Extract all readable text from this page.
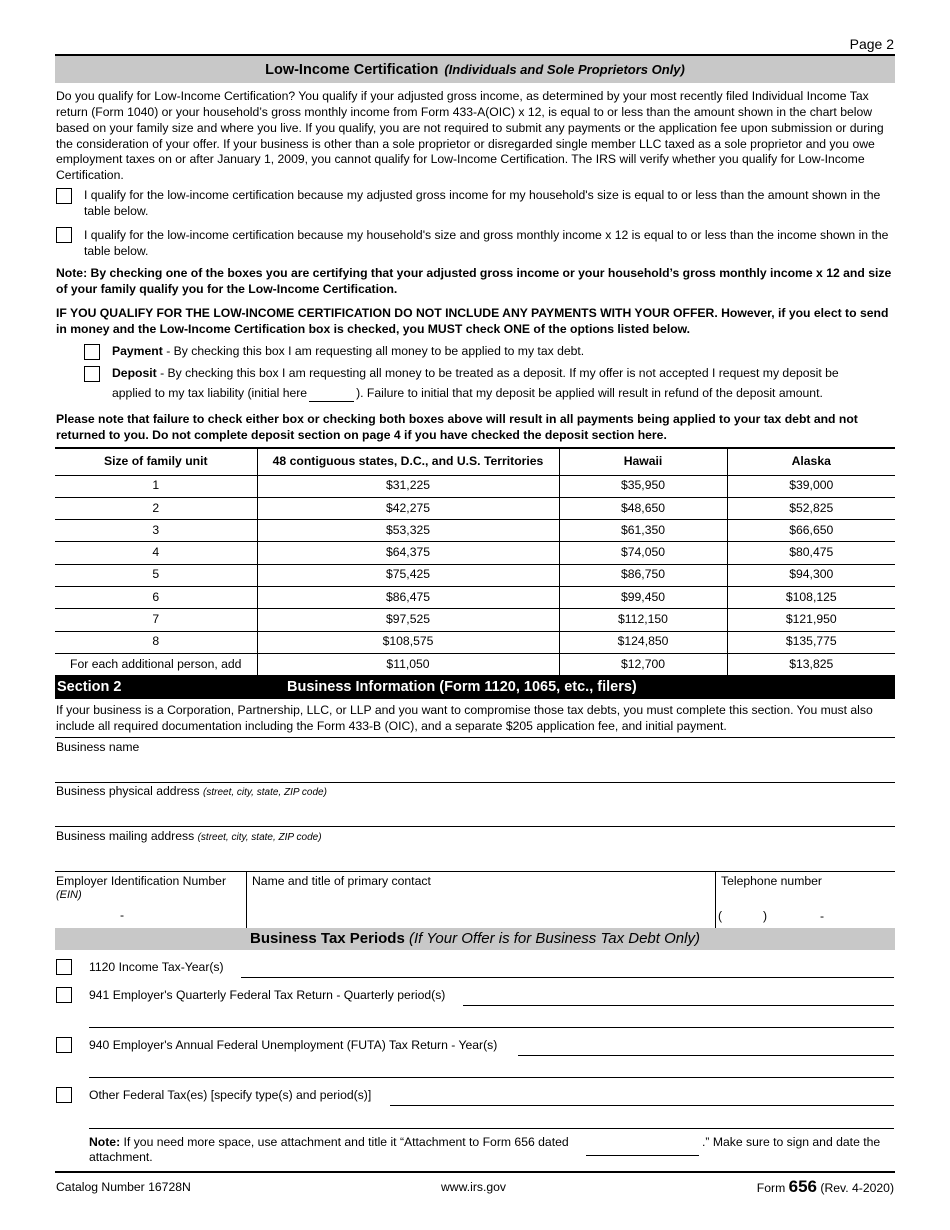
Page 2
Low-Income Certification (Individuals and Sole Proprietors Only)
Do you qualify for Low-Income Certification? You qualify if your adjusted gross income, as determined by your most recently filed Individual Income Tax return (Form 1040) or your household’s gross monthly income from Form 433-A(OIC) x 12, is equal to or less than the amount shown in the chart below based on your family size and where you live. If you qualify, you are not required to submit any payments or the application fee upon submission or during the consideration of your offer. If your business is other than a sole proprietor or disregarded single member LLC taxed as a sole proprietor and you owe employment taxes on or after January 1, 2009, you cannot qualify for Low-Income Certification. The IRS will verify whether you qualify for Low-Income Certification.
I qualify for the low-income certification because my adjusted gross income for my household's size is equal to or less than the amount shown in the table below.
I qualify for the low-income certification because my household's size and gross monthly income x 12 is equal to or less than the income shown in the table below.
Note: By checking one of the boxes you are certifying that your adjusted gross income or your household’s gross monthly income x 12 and size of your family qualify you for the Low-Income Certification.
IF YOU QUALIFY FOR THE LOW-INCOME CERTIFICATION DO NOT INCLUDE ANY PAYMENTS WITH YOUR OFFER. However, if you elect to send in money and the Low-Income Certification box is checked, you MUST check ONE of the options listed below.
Payment - By checking this box I am requesting all money to be applied to my tax debt.
Deposit - By checking this box I am requesting all money to be treated as a deposit. If my offer is not accepted I request my deposit be
applied to my tax liability (initial here	). Failure to initial that my deposit be applied will result in refund of the deposit amount.
Please note that failure to check either box or checking both boxes above will result in all payments being applied to your tax debt and not returned to you. Do not complete deposit section on page 4 if you have checked the deposit section here.
Size of family unit	48 contiguous states, D.C., and U.S. Territories	Hawaii	Alaska
1	$31,225	$35,950	$39,000
2	$42,275	$48,650	$52,825
3	$53,325	$61,350	$66,650
4	$64,375	$74,050	$80,475
5	$75,425	$86,750	$94,300
6	$86,475	$99,450	$108,125
7	$97,525	$112,150	$121,950
8	$108,575	$124,850	$135,775
For each additional person, add	$11,050	$12,700	$13,825
Section 2	Business Information (Form 1120, 1065, etc., filers)
If your business is a Corporation, Partnership, LLC, or LLP and you want to compromise those tax debts, you must complete this section. You must also include all required documentation including the Form 433-B (OIC), and a separate $205 application fee, and initial payment.
Business name
Business physical address (street, city, state, ZIP code)
Business mailing address (street, city, state, ZIP code)
Employer Identification Number
(EIN)
-
Name and title of primary contact	Telephone number
(	)	-
Business Tax Periods (If Your Offer is for Business Tax Debt Only)
1120 Income Tax-Year(s)
941 Employer's Quarterly Federal Tax Return - Quarterly period(s)
940 Employer's Annual Federal Unemployment (FUTA) Tax Return - Year(s)
Other Federal Tax(es) [specify type(s) and period(s)]
Note: If you need more space, use attachment and title it “Attachment to Form 656 dated	.” Make sure to sign and date the
attachment.
Catalog Number 16728N	www.irs.gov	Form 656 (Rev. 4-2020)
